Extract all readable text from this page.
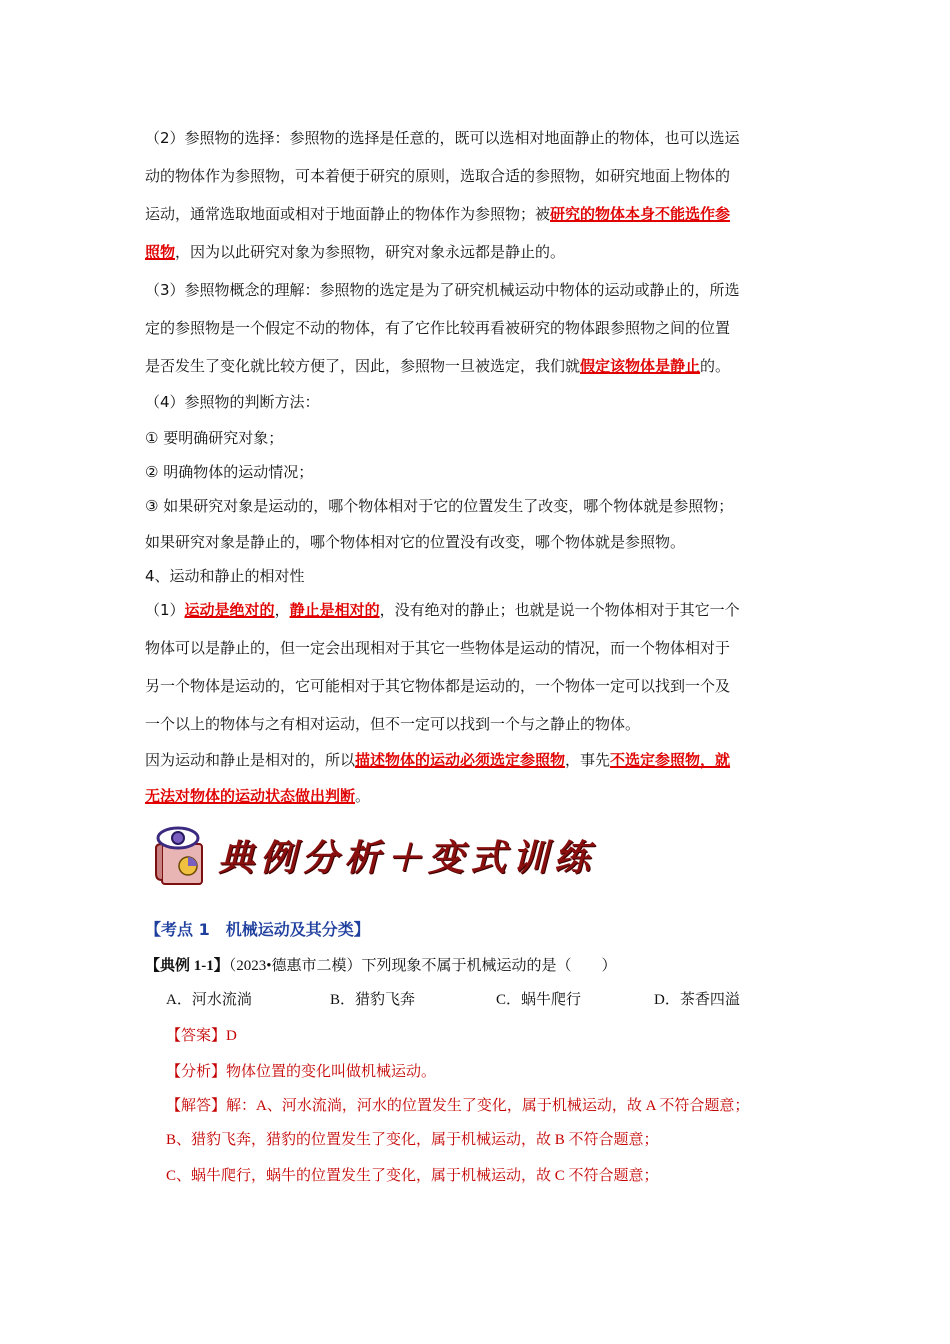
（2）参照物的选择：参照物的选择是任意的，既可以选相对地面静止的物体，也可以选运
动的物体作为参照物，可本着便于研究的原则，选取合适的参照物，如研究地面上物体的
运动，通常选取地面或相对于地面静止的物体作为参照物；被研究的物体本身不能选作参
照物，因为以此研究对象为参照物，研究对象永远都是静止的。
（3）参照物概念的理解：参照物的选定是为了研究机械运动中物体的运动或静止的，所选
定的参照物是一个假定不动的物体，有了它作比较再看被研究的物体跟参照物之间的位置
是否发生了变化就比较方便了，因此，参照物一旦被选定，我们就假定该物体是静止的。
（4）参照物的判断方法：
① 要明确研究对象；
② 明确物体的运动情况；
③ 如果研究对象是运动的，哪个物体相对于它的位置发生了改变，哪个物体就是参照物；
如果研究对象是静止的，哪个物体相对它的位置没有改变，哪个物体就是参照物。
4、运动和静止的相对性
（1）运动是绝对的，静止是相对的，没有绝对的静止；也就是说一个物体相对于其它一个
物体可以是静止的，但一定会出现相对于其它一些物体是运动的情况，而一个物体相对于
另一个物体是运动的，它可能相对于其它物体都是运动的，一个物体一定可以找到一个及
一个以上的物体与之有相对运动，但不一定可以找到一个与之静止的物体。
因为运动和静止是相对的，所以描述物体的运动必须选定参照物，事先不选定参照物，就
无法对物体的运动状态做出判断。
典例分析＋变式训练
【考点 1　机械运动及其分类】
【典例 1-1】（2023•德惠市二模）下列现象不属于机械运动的是（　　）
A．河水流淌	B．猎豹飞奔	C．蜗牛爬行	D．茶香四溢
【答案】D
【分析】物体位置的变化叫做机械运动。
【解答】解：A、河水流淌，河水的位置发生了变化，属于机械运动，故 A 不符合题意；
B、猎豹飞奔，猎豹的位置发生了变化，属于机械运动，故 B 不符合题意；
C、蜗牛爬行，蜗牛的位置发生了变化，属于机械运动，故 C 不符合题意；
